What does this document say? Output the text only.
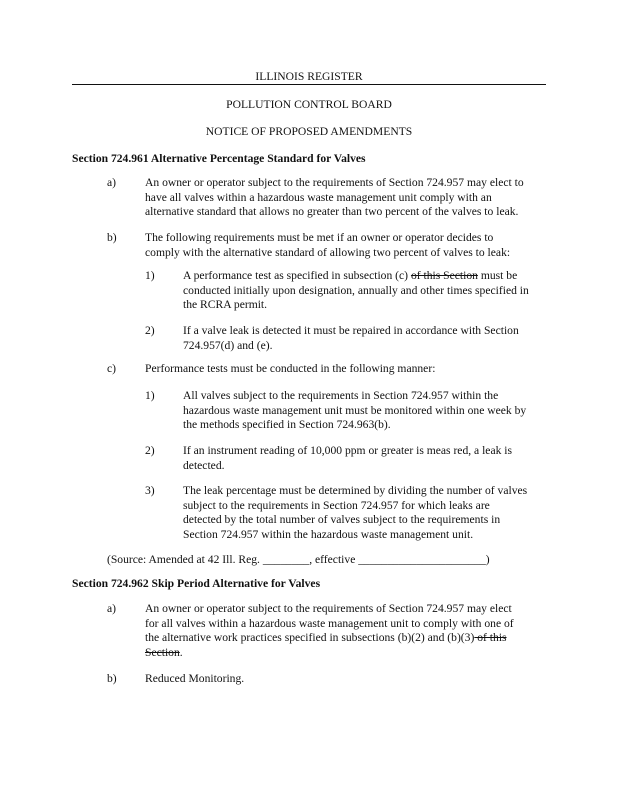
ILLINOIS REGISTER
POLLUTION CONTROL BOARD
NOTICE OF PROPOSED AMENDMENTS
Section 724.961 Alternative Percentage Standard for Valves
a) An owner or operator subject to the requirements of Section 724.957 may elect to
have all valves within a hazardous waste management unit comply with an
alternative standard that allows no greater than two percent of the valves to leak.
b) The following requirements must be met if an owner or operator decides to
comply with the alternative standard of allowing two percent of valves to leak:
1) A performance test as specified in subsection (c) of this Section must be
conducted initially upon designation, annually and other times specified in
the RCRA permit.
2) If a valve leak is detected it must be repaired in accordance with Section
724.957(d) and (e).
c) Performance tests must be conducted in the following manner:
1) All valves subject to the requirements in Section 724.957 within the
hazardous waste management unit must be monitored within one week by
the methods specified in Section 724.963(b).
2) If an instrument reading of 10,000 ppm or greater is meas red, a leak is
detected.
3) The leak percentage must be determined by dividing the number of valves
subject to the requirements in Section 724.957 for which leaks are
detected by the total number of valves subject to the requirements in
Section 724.957 within the hazardous waste management unit.
(Source: Amended at 42 Ill. Reg. ________, effective ______________________)
Section 724.962 Skip Period Alternative for Valves
a) An owner or operator subject to the requirements of Section 724.957 may elect
for all valves within a hazardous waste management unit to comply with one of
the alternative work practices specified in subsections (b)(2) and (b)(3) of this
Section.
b) Reduced Monitoring.
